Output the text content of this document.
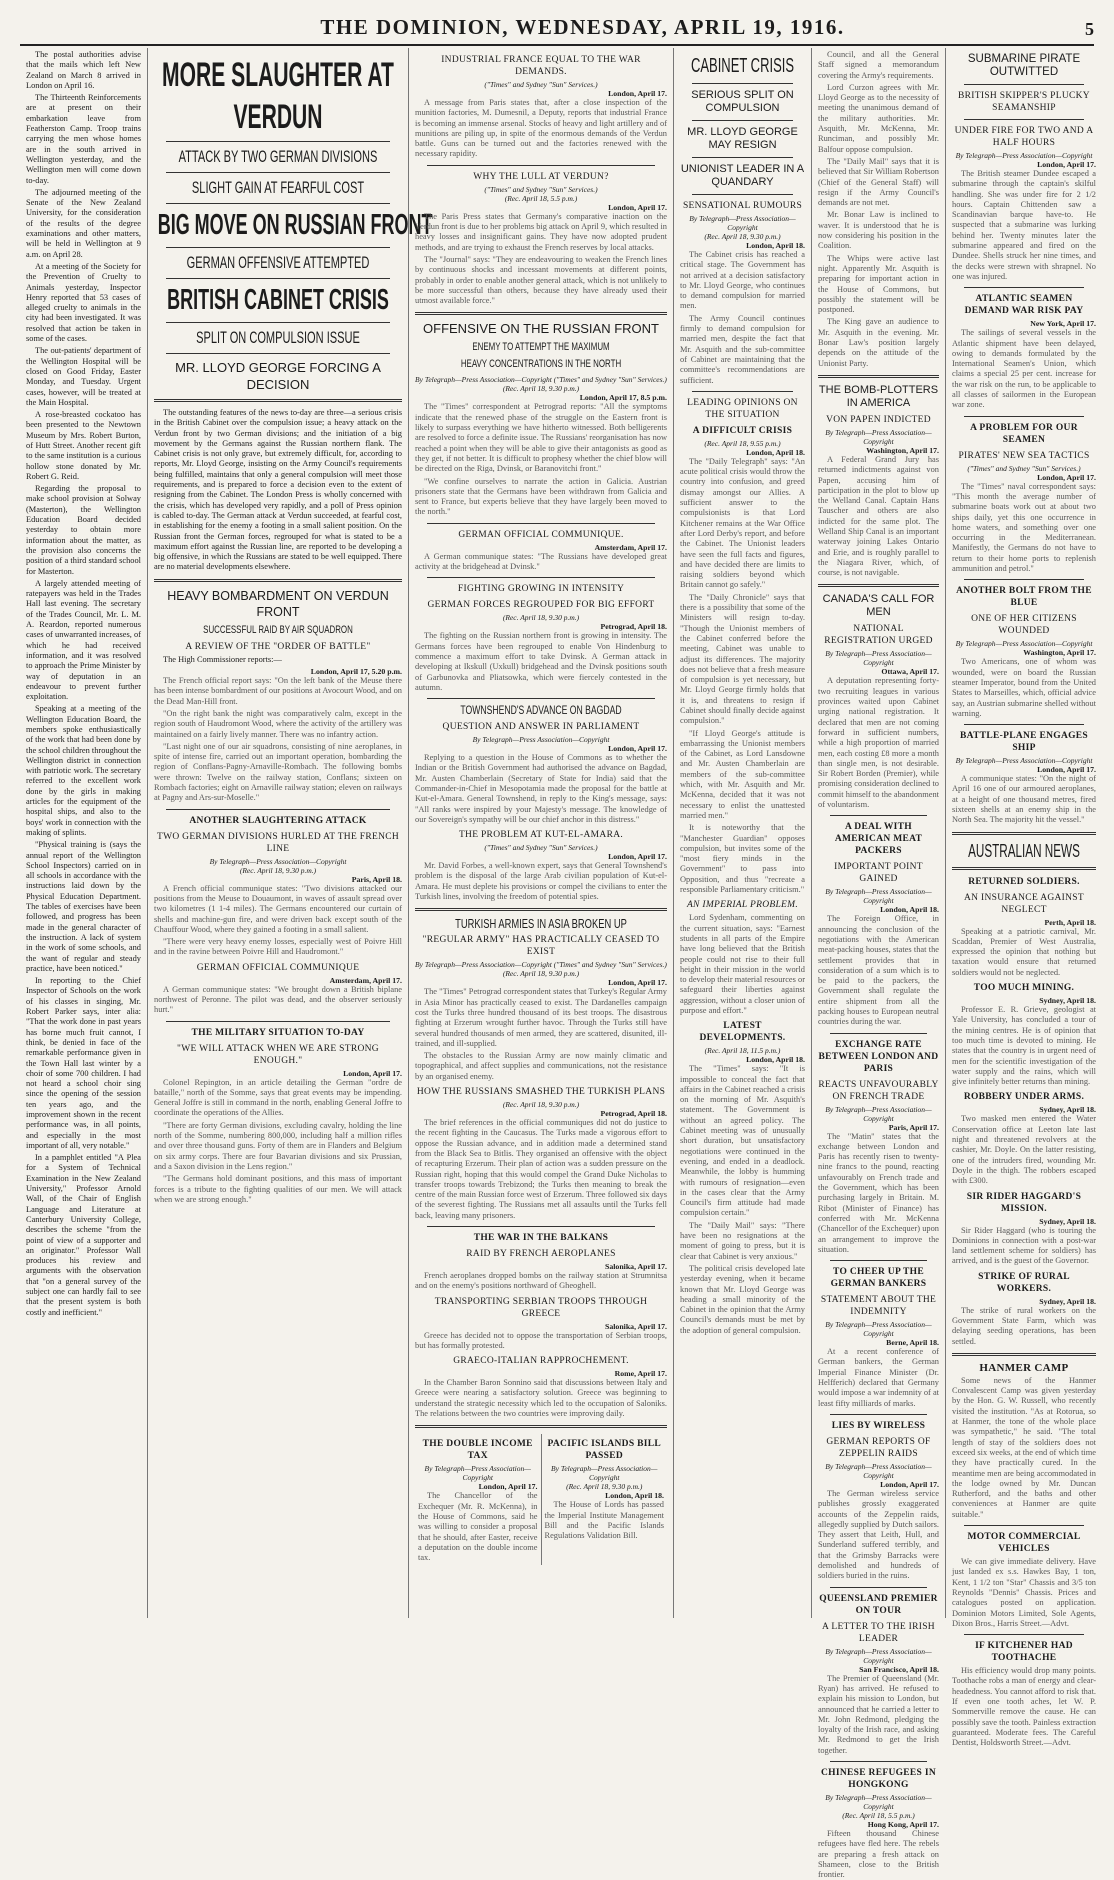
THE DOMINION, WEDNESDAY, APRIL 19, 1916.	5

The postal authorities advise that the mails which left New Zealand on March 8 arrived in London on April 16.

The Thirteenth Reinforcements are at present on their embarkation leave from Featherston Camp. Troop trains carrying the men whose homes are in the south arrived in Wellington yesterday, and the Wellington men will come down to-day.

The adjourned meeting of the Senate of the New Zealand University, for the consideration of the results of the degree examinations and other matters, will be held in Wellington at 9 a.m. on April 28.

At a meeting of the Society for the Prevention of Cruelty to Animals yesterday, Inspector Henry reported that 53 cases of alleged cruelty to animals in the city had been investigated. It was resolved that action be taken in some of the cases.

The out-patients' department of the Wellington Hospital will be closed on Good Friday, Easter Monday, and Tuesday. Urgent cases, however, will be treated at the Main Hospital.

A rose-breasted cockatoo has been presented to the Newtown Museum by Mrs. Robert Burton, of Hutt Street. Another recent gift to the same institution is a curious hollow stone donated by Mr. Robert G. Reid.

Regarding the proposal to make school provision at Solway (Masterton), the Wellington Education Board decided yesterday to obtain more information about the matter, as the provision also concerns the position of a third standard school for Masterton.

A largely attended meeting of ratepayers was held in the Trades Hall last evening. The secretary of the Trades Council, Mr. L. M. A. Reardon, reported numerous cases of unwarranted increases, of which he had received information, and it was resolved to approach the Prime Minister by way of deputation in an endeavour to prevent further exploitation.

Speaking at a meeting of the Wellington Education Board, the members spoke enthusiastically of the work that had been done by the school children throughout the Wellington district in connection with patriotic work. The secretary referred to the excellent work done by the girls in making articles for the equipment of the hospital ships, and also to the boys' work in connection with the making of splints.

"Physical training is (says the annual report of the Wellington School Inspectors) carried on in all schools in accordance with the instructions laid down by the Physical Education Department. The tables of exercises have been followed, and progress has been made in the general character of the instruction. A lack of system in the work of some schools, and the want of regular and steady practice, have been noticed."

In reporting to the Chief Inspector of Schools on the work of his classes in singing, Mr. Robert Parker says, inter alia: "That the work done in past years has borne much fruit cannot, I think, be denied in face of the remarkable performance given in the Town Hall last winter by a choir of some 700 children. I had not heard a school choir sing since the opening of the session ten years ago, and the improvement shown in the recent performance was, in all points, and especially in the most important of all, very notable."

In a pamphlet entitled "A Plea for a System of Technical Examination in the New Zealand University," Professor Arnold Wall, of the Chair of English Language and Literature at Canterbury University College, describes the scheme "from the point of view of a supporter and an originator." Professor Wall produces his review and arguments with the observation that "on a general survey of the subject one can hardly fail to see that the present system is both costly and inefficient."

MORE SLAUGHTER AT
VERDUN
ATTACK BY TWO GERMAN DIVISIONS
SLIGHT GAIN AT FEARFUL COST
BIG MOVE ON RUSSIAN FRONT
GERMAN OFFENSIVE ATTEMPTED
BRITISH CABINET CRISIS
SPLIT ON COMPULSION ISSUE
MR. LLOYD GEORGE FORCING A DECISION

The outstanding features of the news to-day are three—a serious crisis in the British Cabinet over the compulsion issue; a heavy attack on the Verdun front by two German divisions; and the initiation of a big movement by the Germans against the Russian northern flank. The Cabinet crisis is not only grave, but extremely difficult, for, according to reports, Mr. Lloyd George, insisting on the Army Council's requirements being fulfilled, maintains that only a general compulsion will meet those requirements, and is prepared to force a decision even to the extent of resigning from the Cabinet. The London Press is wholly concerned with the crisis, which has developed very rapidly, and a poll of Press opinion is cabled to-day. The German attack at Verdun succeeded, at fearful cost, in establishing for the enemy a footing in a small salient position. On the Russian front the German forces, regrouped for what is stated to be a maximum effort against the Russian line, are reported to be developing a big offensive, in which the Russians are stated to be well equipped. There are no material developments elsewhere.

HEAVY BOMBARDMENT ON VERDUN FRONT
SUCCESSFUL RAID BY AIR SQUADRON
A REVIEW OF THE "ORDER OF BATTLE"

The High Commissioner reports:—

London, April 17, 5.20 p.m.

The French official report says: "On the left bank of the Meuse there has been intense bombardment of our positions at Avocourt Wood, and on the Dead Man-Hill front.

"On the right bank the night was comparatively calm, except in the region south of Haudromont Wood, where the activity of the artillery was maintained on a fairly lively manner. There was no infantry action.

"Last night one of our air squadrons, consisting of nine aeroplanes, in spite of intense fire, carried out an important operation, bombarding the region of Conflans-Pagny-Arnaville-Rombach. The following bombs were thrown: Twelve on the railway station, Conflans; sixteen on Rombach factories; eight on Arnaville railway station; eleven on railways at Pagny and Ars-sur-Moselle."

ANOTHER SLAUGHTERING ATTACK
TWO GERMAN DIVISIONS HURLED AT THE FRENCH LINE
By Telegraph—Press Association—Copyright
(Rec. April 18, 9.30 p.m.)
Paris, April 18.

A French official communique states: "Two divisions attacked our positions from the Meuse to Douaumont, in waves of assault spread over two kilometres (1 1-4 miles). The Germans encountered our curtain of shells and machine-gun fire, and were driven back except south of the Chauffour Wood, where they gained a footing in a small salient.

"There were very heavy enemy losses, especially west of Poivre Hill and in the ravine between Poivre Hill and Haudromont."

GERMAN OFFICIAL COMMUNIQUE
Amsterdam, April 17.

A German communique states: "We brought down a British biplane northwest of Peronne. The pilot was dead, and the observer seriously hurt."

THE MILITARY SITUATION TO-DAY
"WE WILL ATTACK WHEN WE ARE STRONG ENOUGH."
London, April 17.

Colonel Repington, in an article detailing the German "ordre de bataille," north of the Somme, says that great events may be impending. General Joffre is still in command in the north, enabling General Joffre to coordinate the operations of the Allies.

"There are forty German divisions, excluding cavalry, holding the line north of the Somme, numbering 800,000, including half a million rifles and over three thousand guns. Forty of them are in Flanders and Belgium on six army corps. There are four Bavarian divisions and six Prussian, and a Saxon division in the Lens region."

"The Germans hold dominant positions, and this mass of important forces is a tribute to the fighting qualities of our men. We will attack when we are strong enough."

INDUSTRIAL FRANCE EQUAL TO THE WAR DEMANDS.
("Times" and Sydney "Sun" Services.)
London, April 17.

A message from Paris states that, after a close inspection of the munition factories, M. Dumesnil, a Deputy, reports that industrial France is becoming an immense arsenal. Stocks of heavy and light artillery and of munitions are piling up, in spite of the enormous demands of the Verdun battle. Guns can be turned out and the factories renewed with the necessary rapidity.

WHY THE LULL AT VERDUN?
("Times" and Sydney "Sun" Services.)
(Rec. April 18, 5.5 p.m.)
London, April 17.

The Paris Press states that Germany's comparative inaction on the Verdun front is due to her problems big attack on April 9, which resulted in heavy losses and insignificant gains. They have now adopted prudent methods, and are trying to exhaust the French reserves by local attacks.

The "Journal" says: "They are endeavouring to weaken the French lines by continuous shocks and incessant movements at different points, probably in order to enable another general attack, which is not unlikely to be more successful than others, because they have already used their utmost available force."

OFFENSIVE ON THE RUSSIAN FRONT
ENEMY TO ATTEMPT THE MAXIMUM
HEAVY CONCENTRATIONS IN THE NORTH
By Telegraph—Press Association—Copyright ("Times" and Sydney "Sun" Services.)
(Rec. April 18, 9.30 p.m.)
London, April 17, 8.5 p.m.

The "Times" correspondent at Petrograd reports: "All the symptoms indicate that the renewed phase of the struggle on the Eastern front is likely to surpass everything we have hitherto witnessed. Both belligerents are resolved to force a definite issue. The Russians' reorganisation has now reached a point when they will be able to give their antagonists as good as they get, if not better. It is difficult to prophesy whether the chief blow will be directed on the Riga, Dvinsk, or Baranovitchi front."

"We confine ourselves to narrate the action in Galicia. Austrian prisoners state that the Germans have been withdrawn from Galicia and sent to France, but experts believe that they have largely been moved to the north."

GERMAN OFFICIAL COMMUNIQUE.
Amsterdam, April 17.

A German communique states: "The Russians have developed great activity at the bridgehead at Dvinsk."

FIGHTING GROWING IN INTENSITY
GERMAN FORCES REGROUPED FOR BIG EFFORT
(Rec. April 18, 9.30 p.m.)
Petrograd, April 18.

The fighting on the Russian northern front is growing in intensity. The Germans forces have been regrouped to enable Von Hindenburg to commence a maximum effort to take Dvinsk. A German attack in developing at Ikskull (Uxkull) bridgehead and the Dvinsk positions south of Garbunovka and Pliatsowka, which were fiercely contested in the autumn.

TOWNSHEND'S ADVANCE ON BAGDAD
QUESTION AND ANSWER IN PARLIAMENT
By Telegraph—Press Association—Copyright
London, April 17.

Replying to a question in the House of Commons as to whether the Indian or the British Government had authorised the advance on Bagdad, Mr. Austen Chamberlain (Secretary of State for India) said that the Commander-in-Chief in Mesopotamia made the proposal for the battle at Kut-el-Amara. General Townshend, in reply to the King's message, says: "All ranks were inspired by your Majesty's message. The knowledge of our Sovereign's sympathy will be our chief anchor in this distress."

THE PROBLEM AT KUT-EL-AMARA.
("Times" and Sydney "Sun" Services.)
London, April 17.

Mr. David Forbes, a well-known expert, says that General Townshend's problem is the disposal of the large Arab civilian population of Kut-el-Amara. He must deplete his provisions or compel the civilians to enter the Turkish lines, involving the freedom of potential spies.

TURKISH ARMIES IN ASIA BROKEN UP
"REGULAR ARMY" HAS PRACTICALLY CEASED TO EXIST
By Telegraph—Press Association—Copyright ("Times" and Sydney "Sun" Services.)
(Rec. April 18, 9.30 p.m.)
London, April 17.

The "Times" Petrograd correspondent states that Turkey's Regular Army in Asia Minor has practically ceased to exist. The Dardanelles campaign cost the Turks three hundred thousand of its best troops. The disastrous fighting at Erzerum wrought further havoc. Through the Turks still have several hundred thousands of men armed, they are scattered, disunited, ill-trained, and ill-supplied.

The obstacles to the Russian Army are now mainly climatic and topographical, and affect supplies and communications, not the resistance by an organised enemy.

HOW THE RUSSIANS SMASHED THE TURKISH PLANS
(Rec. April 18, 9.30 p.m.)
Petrograd, April 18.

The brief references in the official communiques did not do justice to the recent fighting in the Caucasus. The Turks made a vigorous effort to oppose the Russian advance, and in addition made a determined stand from the Black Sea to Bitlis. They organised an offensive with the object of recapturing Erzerum. Their plan of action was a sudden pressure on the Russian right, hoping that this would compel the Grand Duke Nicholas to transfer troops towards Trebizond; the Turks then meaning to break the centre of the main Russian force west of Erzerum. Three followed six days of the severest fighting. The Russians met all assaults until the Turks fell back, leaving many prisoners.

THE WAR IN THE BALKANS
RAID BY FRENCH AEROPLANES
Salonika, April 17.

French aeroplanes dropped bombs on the railway station at Strumnitsa and on the enemy's positions northward of Gheoghell.

TRANSPORTING SERBIAN TROOPS THROUGH GREECE
Salonika, April 17.

Greece has decided not to oppose the transportation of Serbian troops, but has formally protested.

GRAECO-ITALIAN RAPPROCHEMENT.
Rome, April 17.

In the Chamber Baron Sonnino said that discussions between Italy and Greece were nearing a satisfactory solution. Greece was beginning to understand the strategic necessity which led to the occupation of Saloniks. The relations between the two countries were improving daily.

THE DOUBLE INCOME TAX
By Telegraph—Press Association—Copyright
London, April 17.

The Chancellor of the Exchequer (Mr. R. McKenna), in the House of Commons, said he was willing to consider a proposal that he should, after Easter, receive a deputation on the double income tax.

PACIFIC ISLANDS BILL PASSED
By Telegraph—Press Association—Copyright
(Rec. April 18, 9.30 p.m.)
London, April 18.

The House of Lords has passed the Imperial Institute Management Bill and the Pacific Islands Regulations Validation Bill.

CABINET CRISIS
SERIOUS SPLIT ON COMPULSION
MR. LLOYD GEORGE MAY RESIGN
UNIONIST LEADER IN A QUANDARY
SENSATIONAL RUMOURS
By Telegraph—Press Association—Copyright
(Rec. April 18, 9.30 p.m.)
London, April 18.

The Cabinet crisis has reached a critical stage. The Government has not arrived at a decision satisfactory to Mr. Lloyd George, who continues to demand compulsion for married men.

The Army Council continues firmly to demand compulsion for married men, despite the fact that Mr. Asquith and the sub-committee of Cabinet are maintaining that the committee's recommendations are sufficient.

LEADING OPINIONS ON THE SITUATION
A DIFFICULT CRISIS
(Rec. April 18, 9.55 p.m.)
London, April 18.

The "Daily Telegraph" says: "An acute political crisis would throw the country into confusion, and greed dismay amongst our Allies. A sufficient answer to the compulsionists is that Lord Kitchener remains at the War Office after Lord Derby's report, and before the Cabinet. The Unionist leaders have seen the full facts and figures, and have decided there are limits to raising soldiers beyond which Britain cannot go safely."

The "Daily Chronicle" says that there is a possibility that some of the Ministers will resign to-day. "Though the Unionist members of the Cabinet conferred before the meeting, Cabinet was unable to adjust its differences. The majority does not believe that a fresh measure of compulsion is yet necessary, but Mr. Lloyd George firmly holds that it is, and threatens to resign if Cabinet should finally decide against compulsion."

"If Lloyd George's attitude is embarrassing the Unionist members of the Cabinet, as Lord Lansdowne and Mr. Austen Chamberlain are members of the sub-committee which, with Mr. Asquith and Mr. McKenna, decided that it was not necessary to enlist the unattested married men."

It is noteworthy that the "Manchester Guardian" opposes compulsion, but invites some of the "most fiery minds in the Government" to pass into Opposition, and thus "recreate a responsible Parliamentary criticism."

AN IMPERIAL PROBLEM.

Lord Sydenham, commenting on the current situation, says: "Earnest students in all parts of the Empire have long believed that the British people could not rise to their full height in their mission in the world to develop their material resources or safeguard their liberties against aggression, without a closer union of purpose and effort."

LATEST DEVELOPMENTS.
(Rec. April 18, 11.5 p.m.)
London, April 18.

The "Times" says: "It is impossible to conceal the fact that affairs in the Cabinet reached a crisis on the morning of Mr. Asquith's statement. The Government is without an agreed policy. The Cabinet meeting was of unusually short duration, but unsatisfactory negotiations were continued in the evening, and ended in a deadlock. Meanwhile, the lobby is humming with rumours of resignation—even in the cases clear that the Army Council's firm attitude had made compulsion certain."

The "Daily Mail" says: "There have been no resignations at the moment of going to press, but it is clear that Cabinet is very anxious."

The political crisis developed late yesterday evening, when it became known that Mr. Lloyd George was heading a small minority of the Cabinet in the opinion that the Army Council's demands must be met by the adoption of general compulsion.

Council, and all the General Staff signed a memorandum covering the Army's requirements.

Lord Curzon agrees with Mr. Lloyd George as to the necessity of meeting the unanimous demand of the military authorities. Mr. Asquith, Mr. McKenna, Mr. Runciman, and possibly Mr. Balfour oppose compulsion.

The "Daily Mail" says that it is believed that Sir William Robertson (Chief of the General Staff) will resign if the Army Council's demands are not met.

Mr. Bonar Law is inclined to waver. It is understood that he is now considering his position in the Coalition.

The Whips were active last night. Apparently Mr. Asquith is preparing for important action in the House of Commons, but possibly the statement will be postponed.

The King gave an audience to Mr. Asquith in the evening. Mr. Bonar Law's position largely depends on the attitude of the Unionist Party.

THE BOMB-PLOTTERS IN AMERICA
VON PAPEN INDICTED
By Telegraph—Press Association—Copyright
Washington, April 17.

A Federal Grand Jury has returned indictments against von Papen, accusing him of participation in the plot to blow up the Welland Canal. Captain Hans Tauscher and others are also indicted for the same plot. The Welland Ship Canal is an important waterway joining Lakes Ontario and Erie, and is roughly parallel to the Niagara River, which, of course, is not navigable.

CANADA'S CALL FOR MEN
NATIONAL REGISTRATION URGED
By Telegraph—Press Association—Copyright
Ottawa, April 17.

A deputation representing forty-two recruiting leagues in various provinces waited upon Cabinet urging national registration. It declared that men are not coming forward in sufficient numbers, while a high proportion of married men, each costing £8 more a month than single men, is not desirable. Sir Robert Borden (Premier), while promising consideration declined to commit himself to the abandonment of voluntarism.

A DEAL WITH AMERICAN MEAT PACKERS
IMPORTANT POINT GAINED
By Telegraph—Press Association—Copyright
London, April 18.

The Foreign Office, in announcing the conclusion of the negotiations with the American meat-packing houses, states that the settlement provides that in consideration of a sum which is to be paid to the packers, the Government shall regulate the entire shipment from all the packing houses to European neutral countries during the war.

EXCHANGE RATE BETWEEN LONDON AND PARIS
REACTS UNFAVOURABLY ON FRENCH TRADE
By Telegraph—Press Association—Copyright
Paris, April 17.

The "Matin" states that the exchange between London and Paris has recently risen to twenty-nine francs to the pound, reacting unfavourably on French trade and the Government, which has been purchasing largely in Britain. M. Ribot (Minister of Finance) has conferred with Mr. McKenna (Chancellor of the Exchequer) upon an arrangement to improve the situation.

TO CHEER UP THE GERMAN BANKERS
STATEMENT ABOUT THE INDEMNITY
By Telegraph—Press Association—Copyright
Berne, April 18.

At a recent conference of German bankers, the German Imperial Finance Minister (Dr. Helfferich) declared that Germany would impose a war indemnity of at least fifty milliards of marks.

LIES BY WIRELESS
GERMAN REPORTS OF ZEPPELIN RAIDS
By Telegraph—Press Association—Copyright
London, April 17.

The German wireless service publishes grossly exaggerated accounts of the Zeppelin raids, allegedly supplied by Dutch sailors. They assert that Leith, Hull, and Sunderland suffered terribly, and that the Grimsby Barracks were demolished and hundreds of soldiers buried in the ruins.

QUEENSLAND PREMIER ON TOUR
A LETTER TO THE IRISH LEADER
By Telegraph—Press Association—Copyright
San Francisco, April 18.

The Premier of Queensland (Mr. Ryan) has arrived. He refused to explain his mission to London, but announced that he carried a letter to Mr. John Redmond, pledging the loyalty of the Irish race, and asking Mr. Redmond to get the Irish together.

CHINESE REFUGEES IN HONGKONG
By Telegraph—Press Association—Copyright
(Rec. April 18, 5.5 p.m.)
Hong Kong, April 17.

Fifteen thousand Chinese refugees have fled here. The rebels are preparing a fresh attack on Shameen, close to the British frontier.

SUBMARINE PIRATE OUTWITTED
BRITISH SKIPPER'S PLUCKY SEAMANSHIP
UNDER FIRE FOR TWO AND A HALF HOURS
By Telegraph—Press Association—Copyright
London, April 17.

The British steamer Dundee escaped a submarine through the captain's skilful handling. She was under fire for 2 1/2 hours. Captain Chittenden saw a Scandinavian barque have-to. He suspected that a submarine was lurking behind her. Twenty minutes later the submarine appeared and fired on the Dundee. Shells struck her nine times, and the decks were strewn with shrapnel. No one was injured.

ATLANTIC SEAMEN DEMAND WAR RISK PAY
New York, April 17.

The sailings of several vessels in the Atlantic shipment have been delayed, owing to demands formulated by the International Seamen's Union, which claims a special 25 per cent. increase for the war risk on the run, to be applicable to all classes of sailormen in the European war zone.

A PROBLEM FOR OUR SEAMEN
PIRATES' NEW SEA TACTICS
("Times" and Sydney "Sun" Services.)
London, April 17.

The "Times" naval correspondent says: "This month the average number of submarine boats work out at about two ships daily, yet this one occurrence in home waters, and something over one occurring in the Mediterranean. Manifestly, the Germans do not have to return to their home ports to replenish ammunition and petrol."

ANOTHER BOLT FROM THE BLUE
ONE OF HER CITIZENS WOUNDED
By Telegraph—Press Association—Copyright
Washington, April 17.

Two Americans, one of whom was wounded, were on board the Russian steamer Imperator, bound from the United States to Marseilles, which, official advice say, an Austrian submarine shelled without warning.

BATTLE-PLANE ENGAGES SHIP
By Telegraph—Press Association—Copyright
London, April 17.

A communique states: "On the night of April 16 one of our armoured aeroplanes, at a height of one thousand metres, fired sixteen shells at an enemy ship in the North Sea. The majority hit the vessel."

AUSTRALIAN NEWS
RETURNED SOLDIERS.
AN INSURANCE AGAINST NEGLECT
Perth, April 18.

Speaking at a patriotic carnival, Mr. Scaddan, Premier of West Australia, expressed the opinion that nothing but taxation would ensure that returned soldiers would not be neglected.

TOO MUCH MINING.
Sydney, April 18.

Professor E. R. Grieve, geologist at Yale University, has concluded a tour of the mining centres. He is of opinion that too much time is devoted to mining. He states that the country is in urgent need of men for the scientific investigation of the water supply and the rains, which will give infinitely better returns than mining.

ROBBERY UNDER ARMS.
Sydney, April 18.

Two masked men entered the Water Conservation office at Leeton late last night and threatened revolvers at the cashier, Mr. Doyle. On the latter resisting, one of the intruders fired, wounding Mr. Doyle in the thigh. The robbers escaped with £300.

SIR RIDER HAGGARD'S MISSION.
Sydney, April 18.

Sir Rider Haggard (who is touring the Dominions in connection with a post-war land settlement scheme for soldiers) has arrived, and is the guest of the Governor.

STRIKE OF RURAL WORKERS.
Sydney, April 18.

The strike of rural workers on the Government State Farm, which was delaying seeding operations, has been settled.

HANMER CAMP

Some news of the Hanmer Convalescent Camp was given yesterday by the Hon. G. W. Russell, who recently visited the institution. "As at Rotorua, so at Hanmer, the tone of the whole place was sympathetic," he said. "The total length of stay of the soldiers does not exceed six weeks, at the end of which time they have practically cured. In the meantime men are being accommodated in the lodge owned by Mr. Duncan Rutherford, and the baths and other conveniences at Hanmer are quite suitable."

MOTOR COMMERCIAL VEHICLES

We can give immediate delivery. Have just landed ex s.s. Hawkes Bay, 1 ton, Kent, 1 1/2 ton "Star" Chassis and 3/5 ton Reynolds "Dennis" Chassis. Prices and catalogues posted on application. Dominion Motors Limited, Sole Agents, Dixon Bros., Harris Street.—Advt.

IF KITCHENER HAD TOOTHACHE

His efficiency would drop many points. Toothache robs a man of energy and clear-headedness. You cannot afford to risk that. If even one tooth aches, let W. P. Sommerville remove the cause. He can possibly save the tooth. Painless extraction guaranteed. Moderate fees. The Careful Dentist, Holdsworth Street.—Advt.
